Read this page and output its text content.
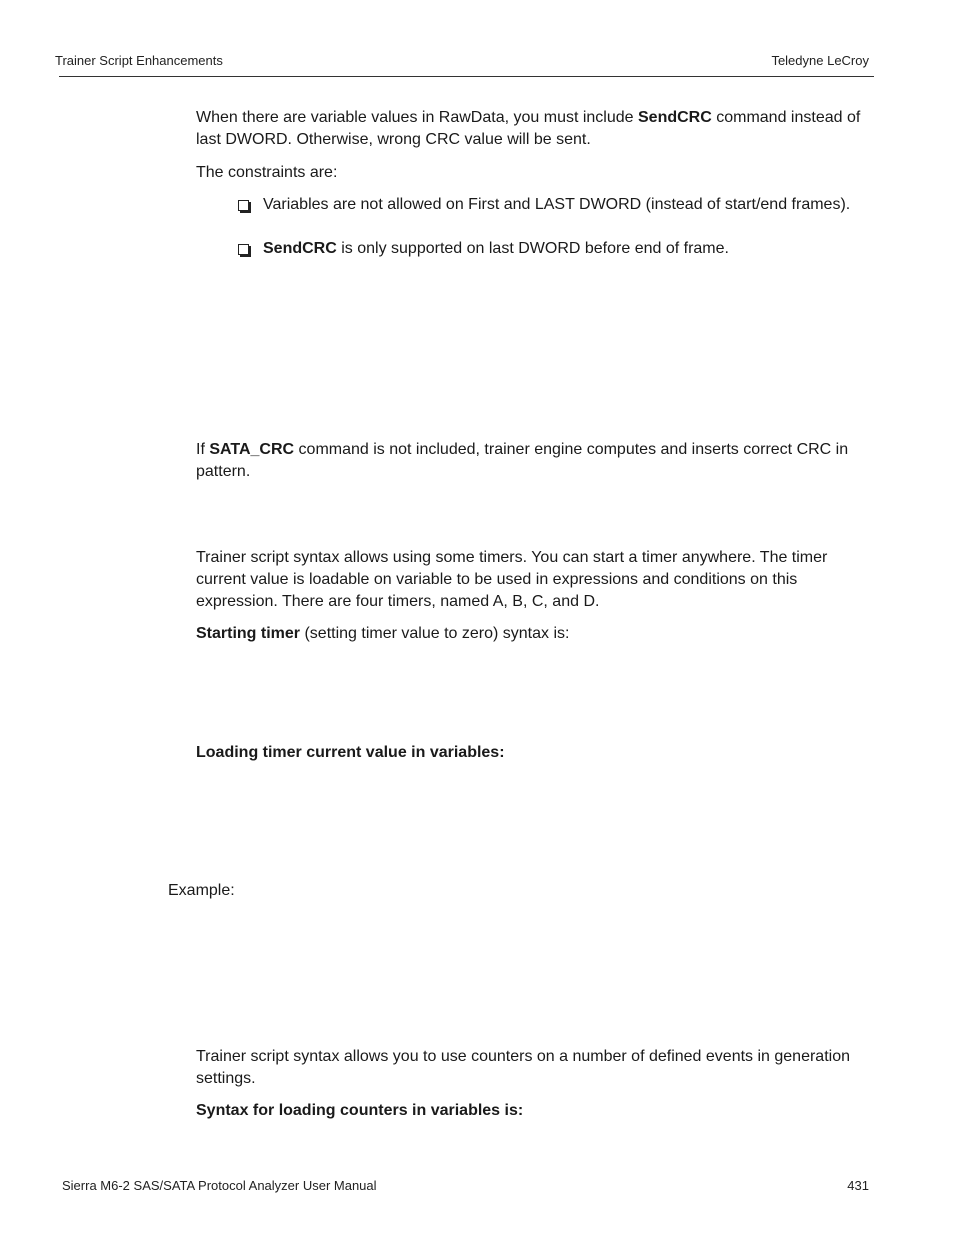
Trainer Script Enhancements	Teledyne LeCroy
When there are variable values in RawData, you must include SendCRC command instead of last DWORD. Otherwise, wrong CRC value will be sent.
The constraints are:
Variables are not allowed on First and LAST DWORD (instead of start/end frames).
SendCRC is only supported on last DWORD before end of frame.
If SATA_CRC command is not included, trainer engine computes and inserts correct CRC in pattern.
Trainer script syntax allows using some timers. You can start a timer anywhere. The timer current value is loadable on variable to be used in expressions and conditions on this expression. There are four timers, named A, B, C, and D.
Starting timer (setting timer value to zero) syntax is:
Loading timer current value in variables:
Example:
Trainer script syntax allows you to use counters on a number of defined events in generation settings.
Syntax for loading counters in variables is:
Sierra M6-2 SAS/SATA Protocol Analyzer User Manual	431
